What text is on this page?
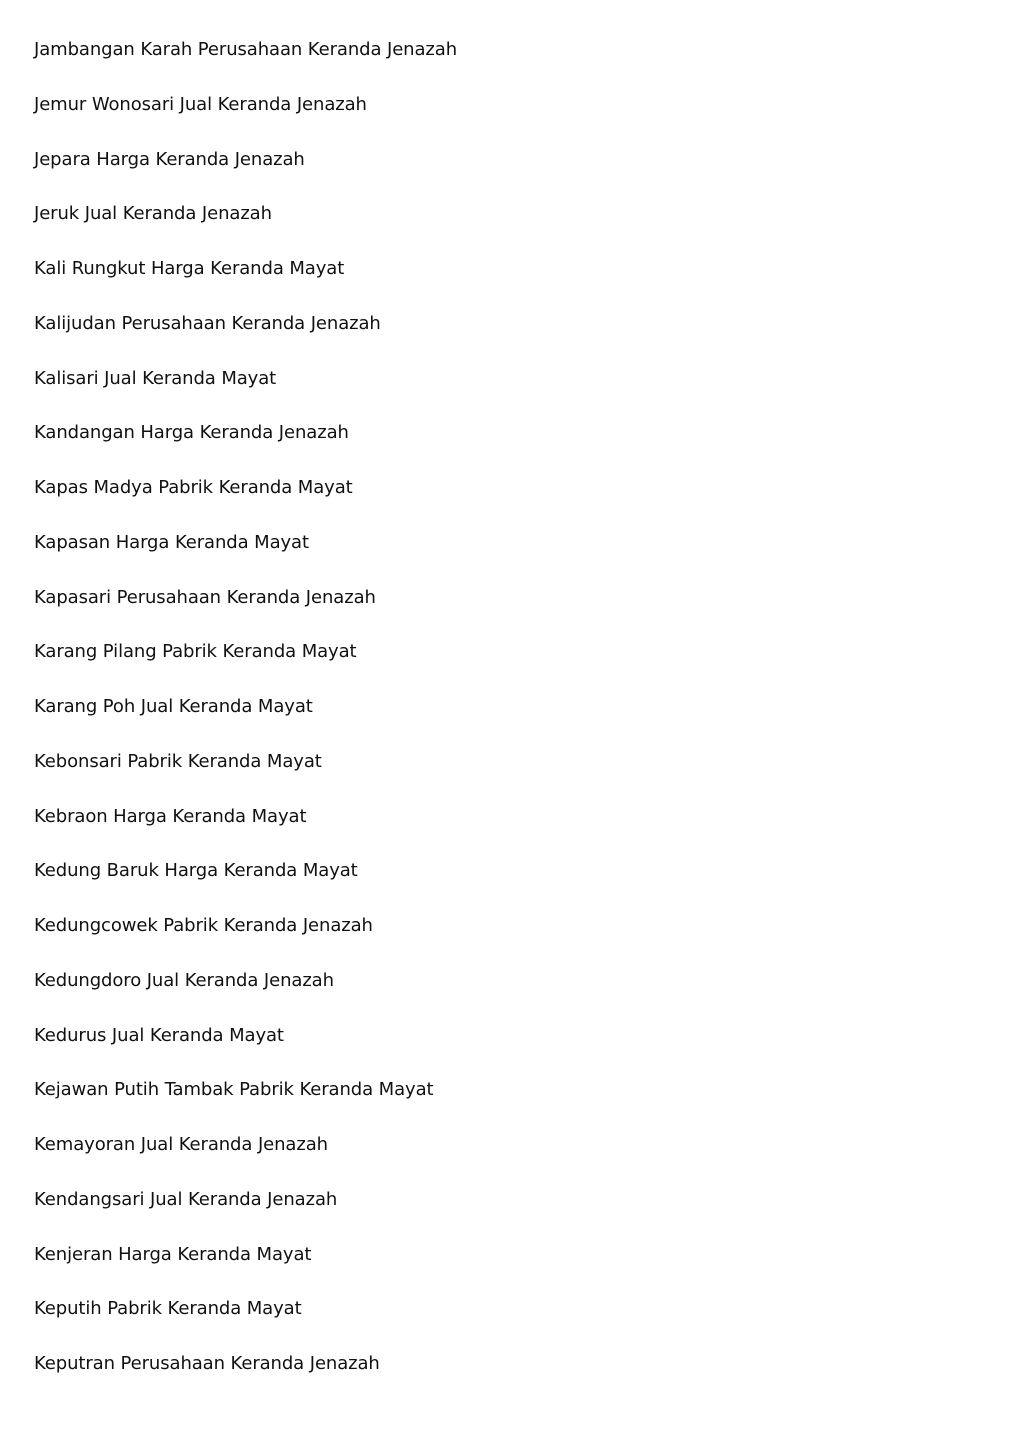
Jambangan Karah Perusahaan Keranda Jenazah
Jemur Wonosari Jual Keranda Jenazah
Jepara Harga Keranda Jenazah
Jeruk Jual Keranda Jenazah
Kali Rungkut Harga Keranda Mayat
Kalijudan Perusahaan Keranda Jenazah
Kalisari Jual Keranda Mayat
Kandangan Harga Keranda Jenazah
Kapas Madya Pabrik Keranda Mayat
Kapasan Harga Keranda Mayat
Kapasari Perusahaan Keranda Jenazah
Karang Pilang Pabrik Keranda Mayat
Karang Poh Jual Keranda Mayat
Kebonsari Pabrik Keranda Mayat
Kebraon Harga Keranda Mayat
Kedung Baruk Harga Keranda Mayat
Kedungcowek Pabrik Keranda Jenazah
Kedungdoro Jual Keranda Jenazah
Kedurus Jual Keranda Mayat
Kejawan Putih Tambak Pabrik Keranda Mayat
Kemayoran Jual Keranda Jenazah
Kendangsari Jual Keranda Jenazah
Kenjeran Harga Keranda Mayat
Keputih Pabrik Keranda Mayat
Keputran Perusahaan Keranda Jenazah
